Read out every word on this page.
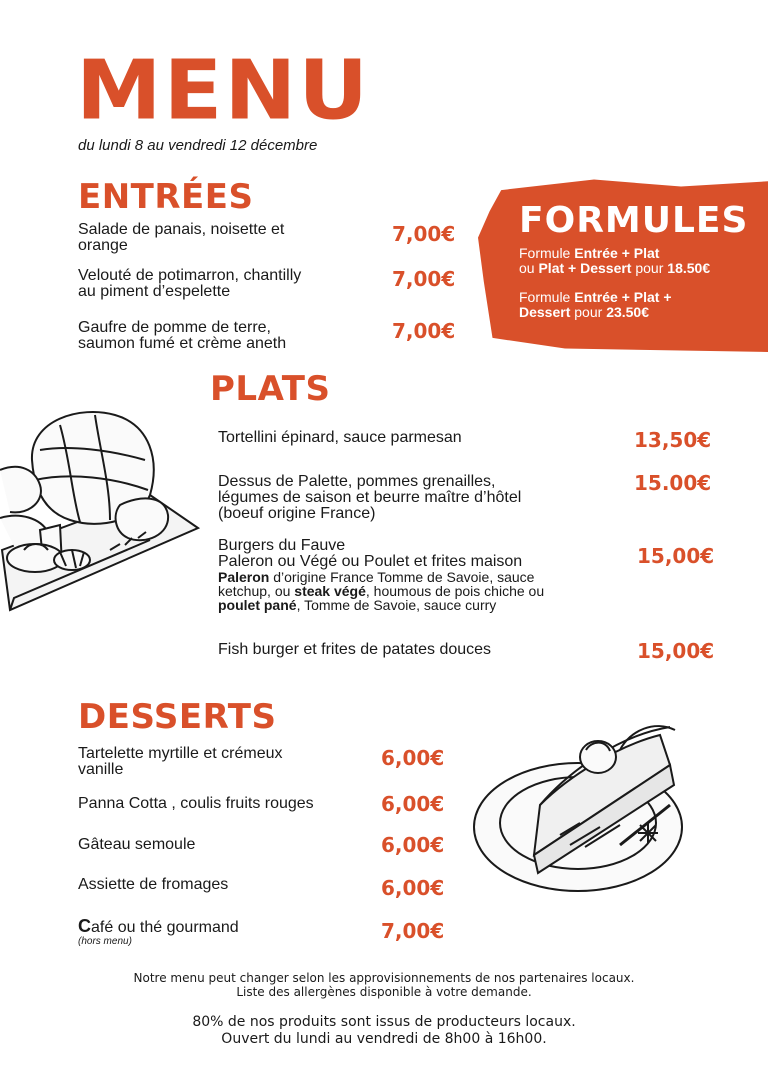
MENU
du lundi 8 au vendredi 12 décembre
ENTRÉES
Salade de panais, noisette et
orange	7,00€
Velouté de potimarron, chantilly
au piment d’espelette
7,00€
Gaufre de pomme de terre,
saumon fumé et crème aneth
7,00€
FORMULES
Formule Entrée + Plat
ou Plat + Dessert pour 18.50€
Formule Entrée + Plat +
Dessert pour 23.50€
PLATS
Tortellini épinard, sauce parmesan	13,50€
Dessus de Palette, pommes grenailles,
légumes de saison et beurre maître d’hôtel
(boeuf origine France)
15.00€
Burgers du Fauve
Paleron ou Végé ou Poulet et frites maison
Paleron d’origine France Tomme de Savoie, sauce
ketchup, ou steak végé, houmous de pois chiche ou
poulet pané, Tomme de Savoie, sauce curry
15,00€
Fish burger et frites de patates douces	15,00€
DESSERTS
Tartelette myrtille et crémeux
vanille	6,00€
Panna Cotta , coulis fruits rouges	6,00€
Gâteau semoule	6,00€
Assiette de fromages	6,00€
Café ou thé gourmand
(hors menu)	7,00€
Notre menu peut changer selon les approvisionnements de nos partenaires locaux.
Liste des allergènes disponible à votre demande.
80% de nos produits sont issus de producteurs locaux.
Ouvert du lundi au vendredi de 8h00 à 16h00.
